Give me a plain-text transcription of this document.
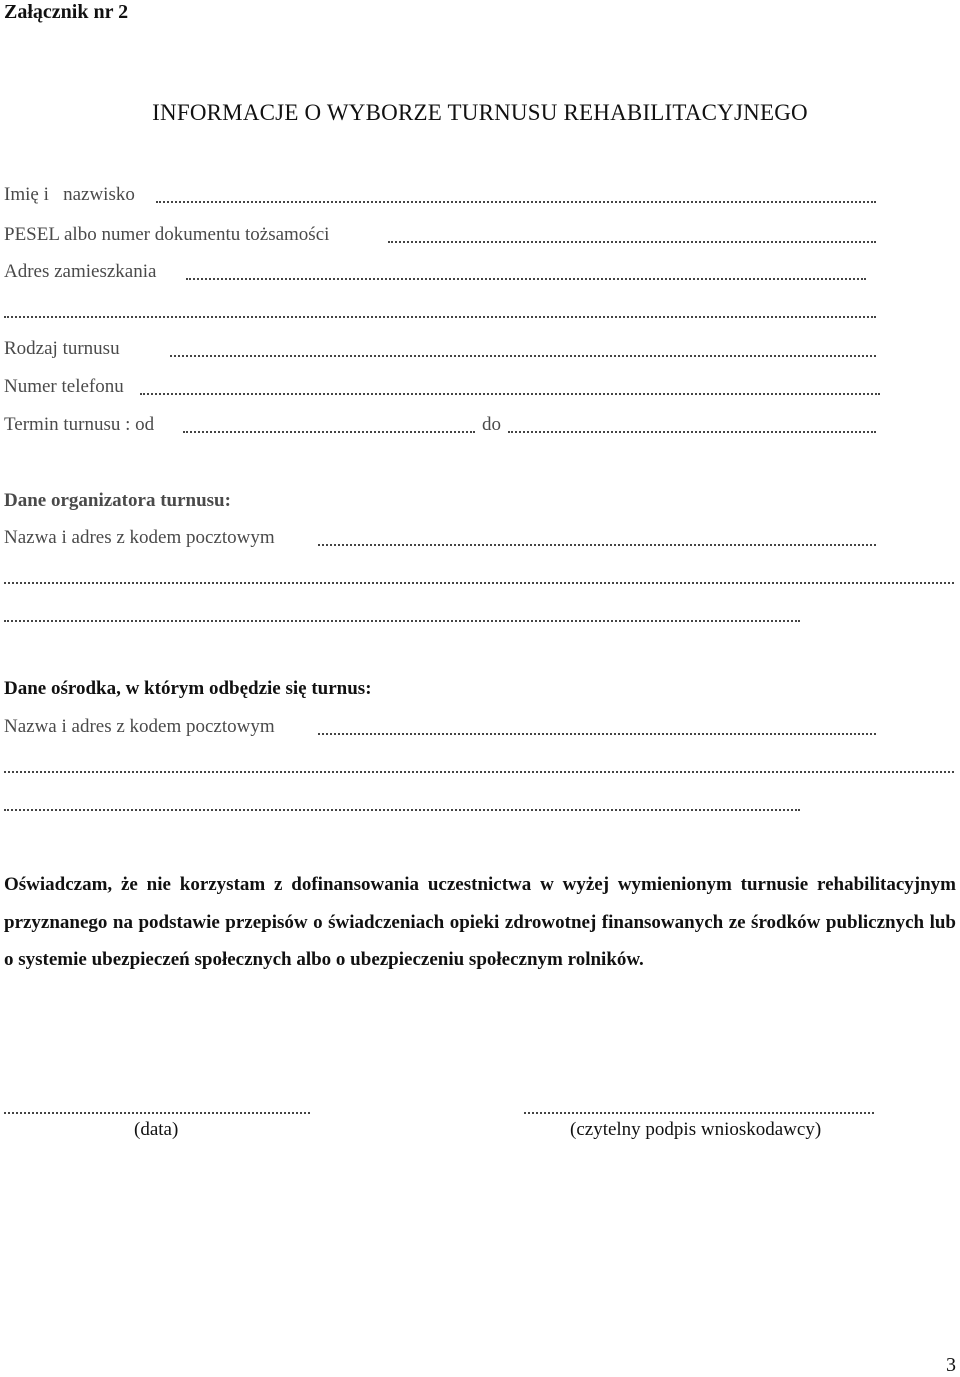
Załącznik nr 2
INFORMACJE O WYBORZE TURNUSU REHABILITACYJNEGO
Imię i   nazwisko
PESEL albo numer dokumentu tożsamości
Adres zamieszkania
Rodzaj turnusu
Numer telefonu
Termin turnusu : od	do
Dane organizatora turnusu:
Nazwa i adres z kodem pocztowym
Dane ośrodka, w którym odbędzie się turnus:
Nazwa i adres z kodem pocztowym
Oświadczam, że nie korzystam z dofinansowania uczestnictwa w wyżej wymienionym turnusie rehabilitacyjnym przyznanego na podstawie przepisów o świadczeniach opieki zdrowotnej finansowanych ze środków publicznych lub o systemie ubezpieczeń społecznych albo o ubezpieczeniu społecznym rolników.
(data)	(czytelny podpis wnioskodawcy)
3
